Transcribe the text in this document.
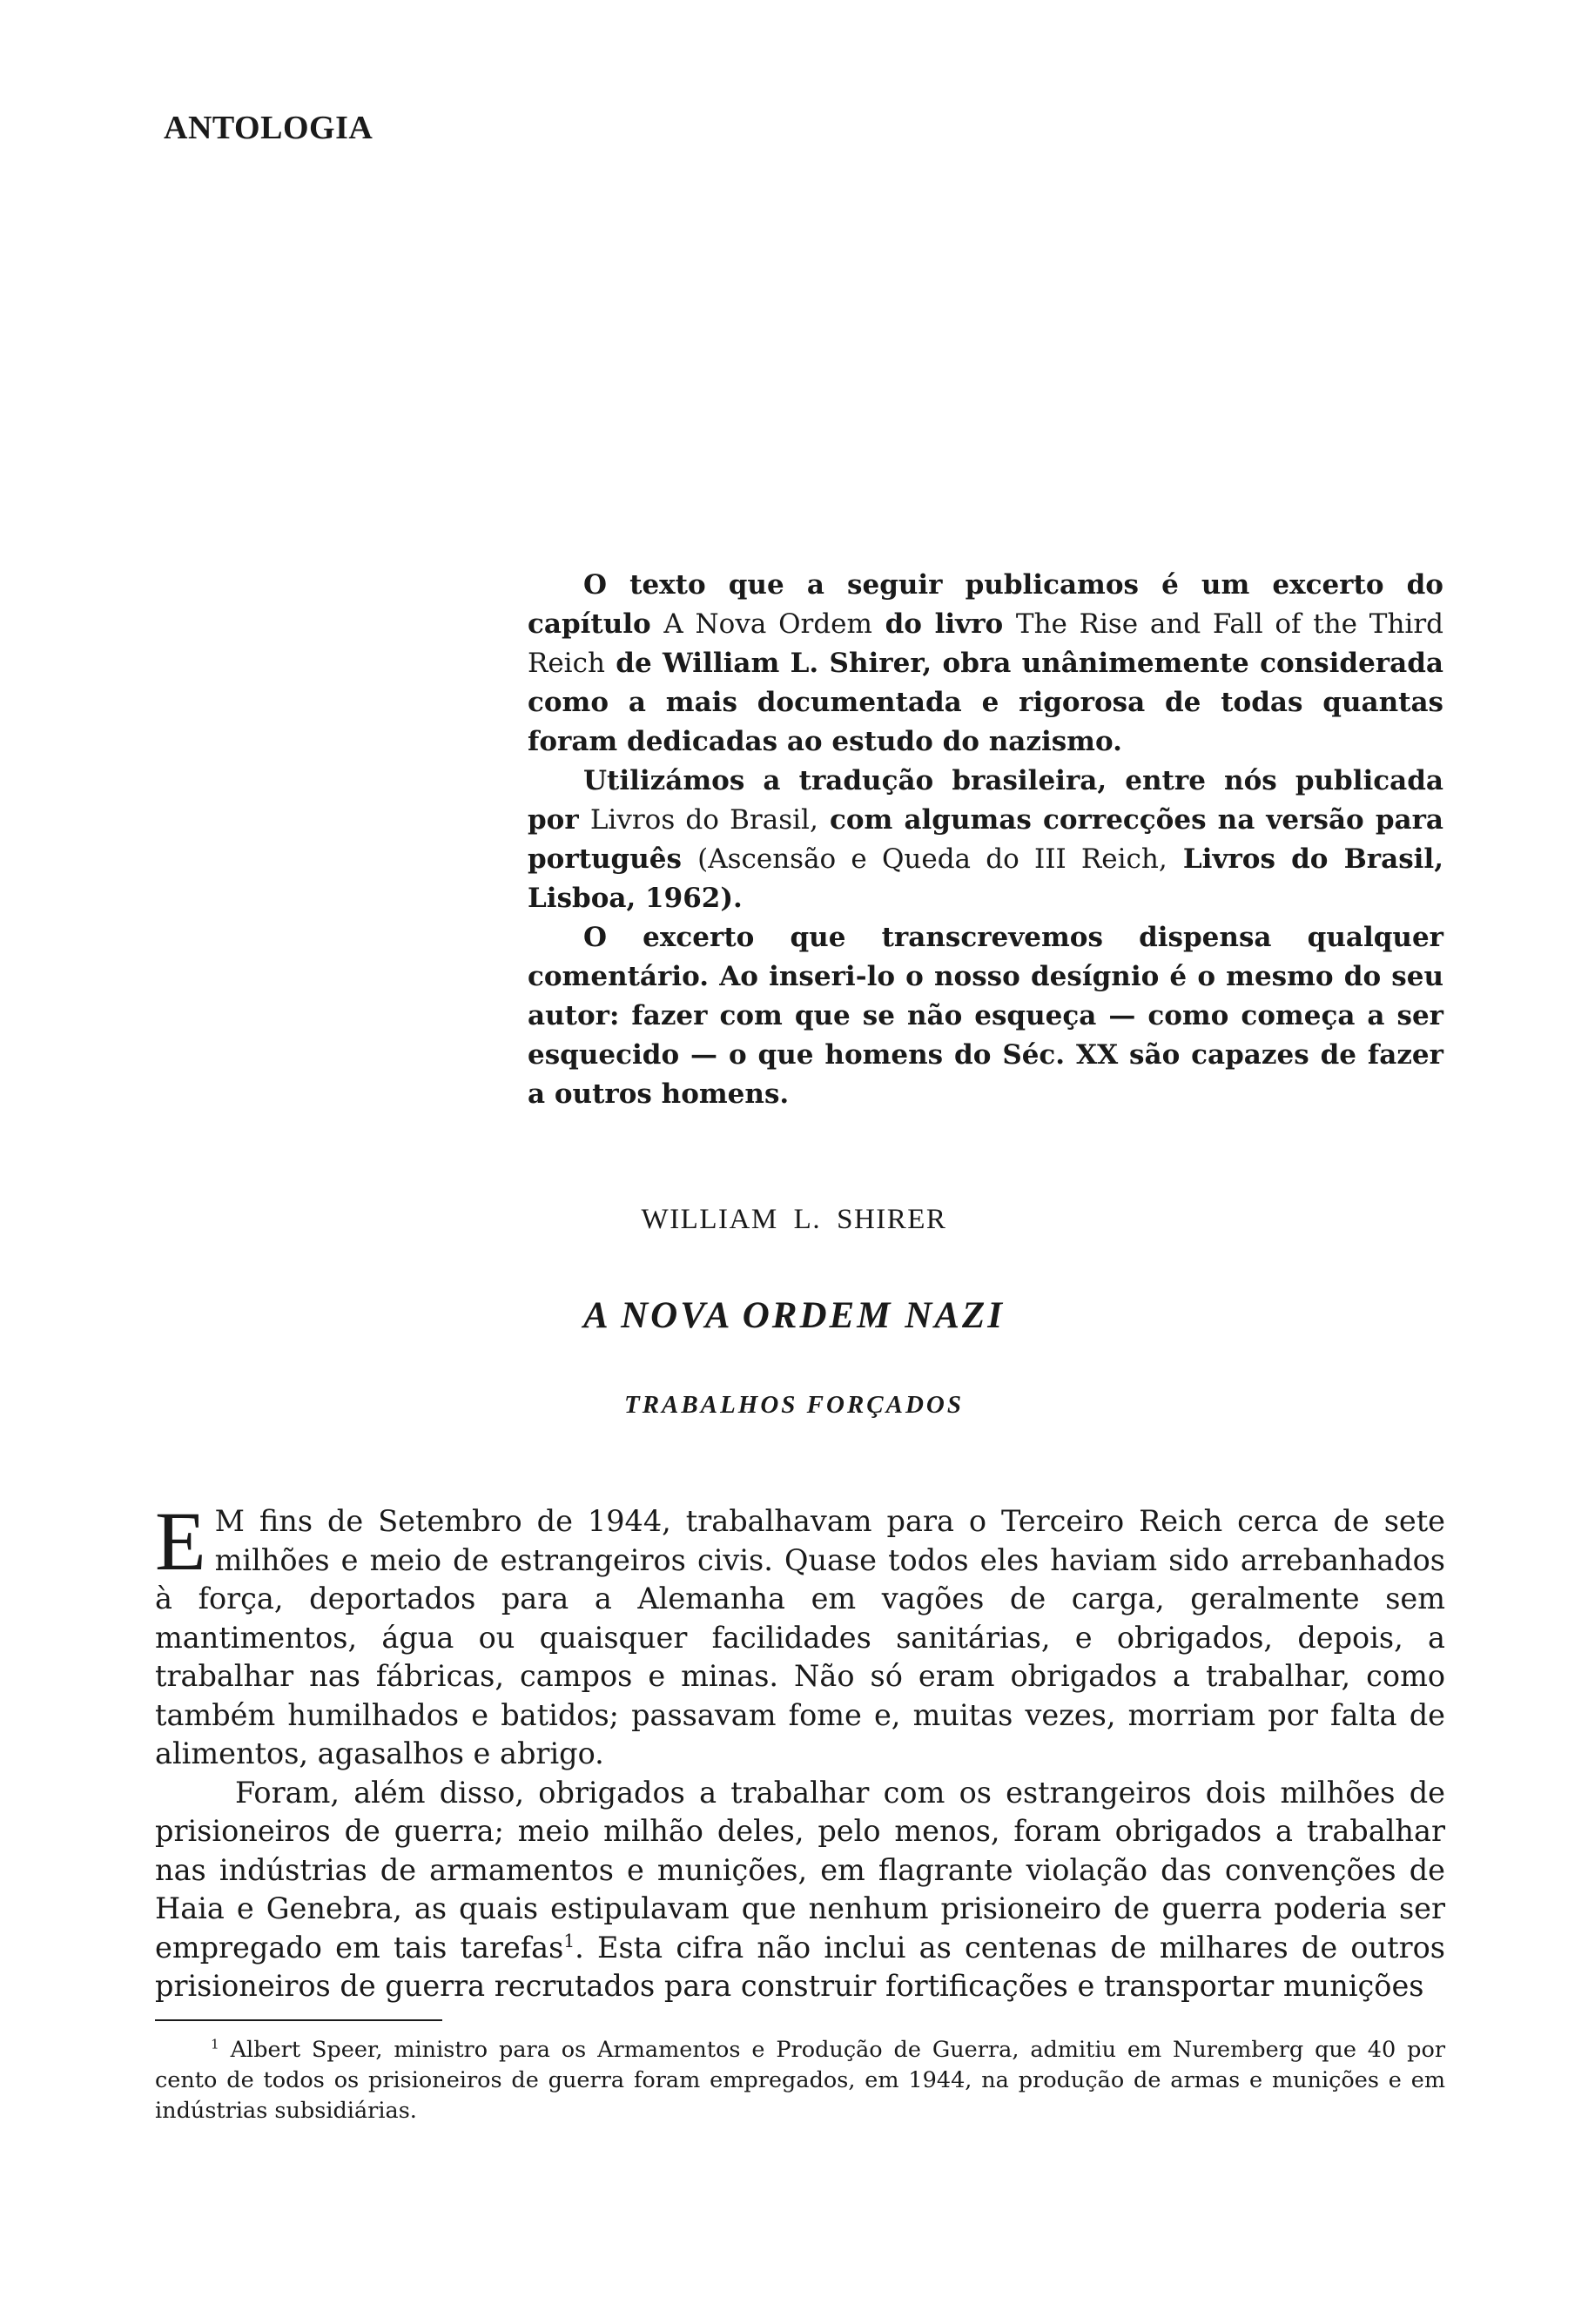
ANTOLOGIA

O texto que a seguir publicamos é um excerto do capítulo A Nova Ordem do livro The Rise and Fall of the Third Reich de William L. Shirer, obra unânimemente considerada como a mais documentada e rigorosa de todas quantas foram dedicadas ao estudo do nazismo.

Utilizámos a tradução brasileira, entre nós publicada por Livros do Brasil, com algumas correcções na versão para português (Ascensão e Queda do III Reich, Livros do Brasil, Lisboa, 1962).

O excerto que transcrevemos dispensa qualquer comentário. Ao inseri-lo o nosso desígnio é o mesmo do seu autor: fazer com que se não esqueça — como começa a ser esquecido — o que homens do Séc. XX são capazes de fazer a outros homens.

WILLIAM L. SHIRER

A NOVA ORDEM NAZI
TRABALHOS FORÇADOS

E M fins de Setembro de 1944, trabalhavam para o Terceiro Reich cerca de sete milhões e meio de estrangeiros civis. Quase todos eles haviam sido arrebanhados à força, deportados para a Alemanha em vagões de carga, geralmente sem mantimentos, água ou quaisquer facilidades sanitárias, e obrigados, depois, a trabalhar nas fábricas, campos e minas. Não só eram obrigados a trabalhar, como também humilhados e batidos; passavam fome e, muitas vezes, morriam por falta de alimentos, agasalhos e abrigo.

Foram, além disso, obrigados a trabalhar com os estrangeiros dois milhões de prisioneiros de guerra; meio milhão deles, pelo menos, foram obrigados a trabalhar nas indústrias de armamentos e munições, em flagrante violação das convenções de Haia e Genebra, as quais estipulavam que nenhum prisioneiro de guerra poderia ser empregado em tais tarefas$^1$. Esta cifra não inclui as centenas de milhares de outros prisioneiros de guerra recrutados para construir fortificações e transportar munições

$^1$ Albert Speer, ministro para os Armamentos e Produção de Guerra, admitiu em Nuremberg que 40 por cento de todos os prisioneiros de guerra foram empregados, em 1944, na produção de armas e munições e em indústrias subsidiárias.
